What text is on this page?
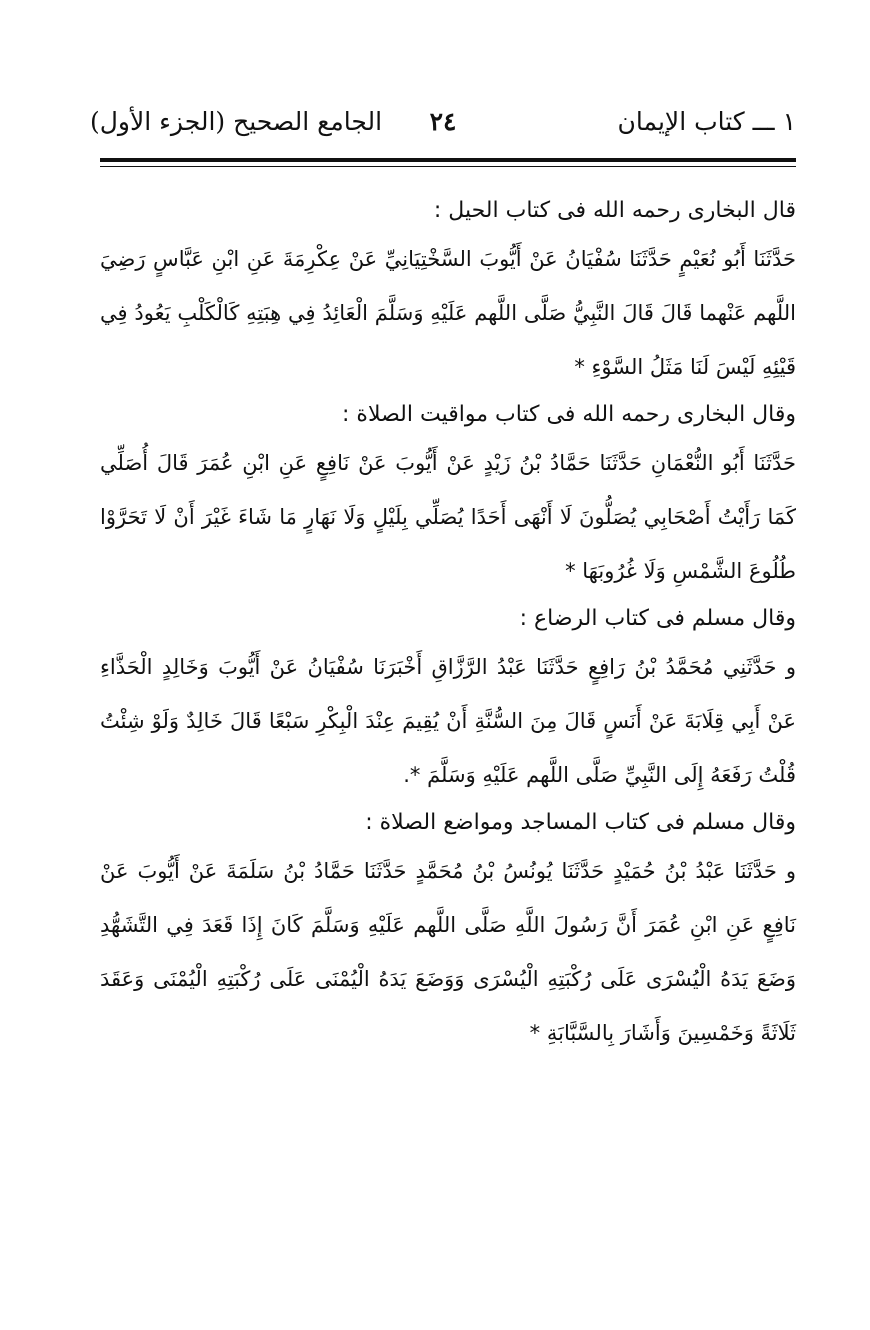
١ ـــ كتاب الإيمان
٢٤
الجامع الصحيح (الجزء الأول)
قال البخارى رحمه الله فى كتاب الحيل :
حَدَّثَنَا أَبُو نُعَيْمٍ حَدَّثَنَا سُفْيَانُ عَنْ أَيُّوبَ السَّخْتِيَانِيِّ عَنْ عِكْرِمَةَ عَنِ ابْنِ عَبَّاسٍ رَضِيَ اللَّهم عَنْهما قَالَ قَالَ النَّبِيُّ صَلَّى اللَّهم عَلَيْهِ وَسَلَّمَ الْعَائِدُ فِي هِبَتِهِ كَالْكَلْبِ يَعُودُ فِي قَيْئِهِ لَيْسَ لَنَا مَثَلُ السَّوْءِ *
وقال البخارى رحمه الله فى كتاب مواقيت الصلاة :
حَدَّثَنَا أَبُو النُّعْمَانِ حَدَّثَنَا حَمَّادُ بْنُ زَيْدٍ عَنْ أَيُّوبَ عَنْ نَافِعٍ عَنِ ابْنِ عُمَرَ قَالَ أُصَلِّي كَمَا رَأَيْتُ أَصْحَابِي يُصَلُّونَ لَا أَنْهَى أَحَدًا يُصَلِّي بِلَيْلٍ وَلَا نَهَارٍ مَا شَاءَ غَيْرَ أَنْ لَا تَحَرَّوْا طُلُوعَ الشَّمْسِ وَلَا غُرُوبَهَا *
وقال مسلم فى كتاب الرضاع :
و حَدَّثَنِي مُحَمَّدُ بْنُ رَافِعٍ حَدَّثَنَا عَبْدُ الرَّزَّاقِ أَخْبَرَنَا سُفْيَانُ عَنْ أَيُّوبَ وَخَالِدٍ الْحَذَّاءِ عَنْ أَبِي قِلَابَةَ عَنْ أَنَسٍ قَالَ مِنَ السُّنَّةِ أَنْ يُقِيمَ عِنْدَ الْبِكْرِ سَبْعًا قَالَ خَالِدٌ وَلَوْ شِئْتُ قُلْتُ رَفَعَهُ إِلَى النَّبِيِّ صَلَّى اللَّهم عَلَيْهِ وَسَلَّمَ *.
وقال مسلم فى كتاب المساجد ومواضع الصلاة :
و حَدَّثَنَا عَبْدُ بْنُ حُمَيْدٍ حَدَّثَنَا يُونُسُ بْنُ مُحَمَّدٍ حَدَّثَنَا حَمَّادُ بْنُ سَلَمَةَ عَنْ أَيُّوبَ عَنْ نَافِعٍ عَنِ ابْنِ عُمَرَ أَنَّ رَسُولَ اللَّهِ صَلَّى اللَّهم عَلَيْهِ وَسَلَّمَ كَانَ إِذَا قَعَدَ فِي التَّشَهُّدِ وَضَعَ يَدَهُ الْيُسْرَى عَلَى رُكْبَتِهِ الْيُسْرَى وَوَضَعَ يَدَهُ الْيُمْنَى عَلَى رُكْبَتِهِ الْيُمْنَى وَعَقَدَ ثَلَاثَةً وَخَمْسِينَ وَأَشَارَ بِالسَّبَّابَةِ *
